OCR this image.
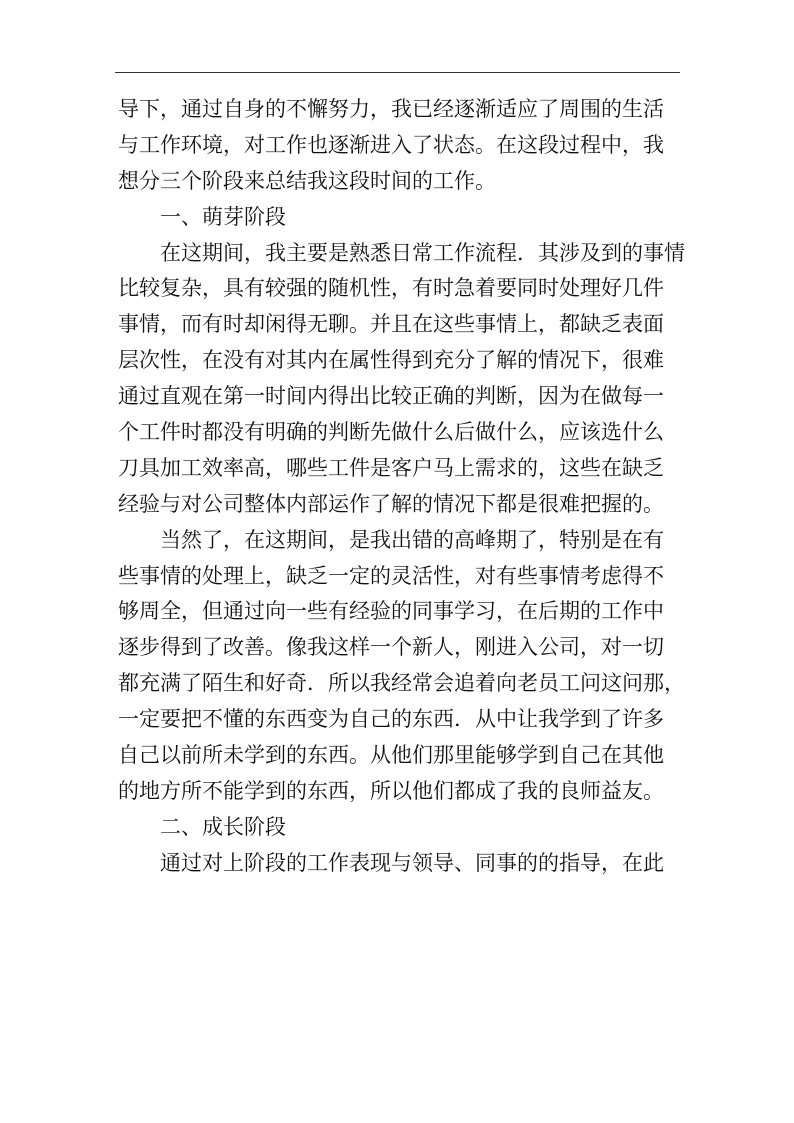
导下，通过自身的不懈努力，我已经逐渐适应了周围的生活
与工作环境，对工作也逐渐进入了状态。在这段过程中，我
想分三个阶段来总结我这段时间的工作。
一、萌芽阶段
在这期间，我主要是熟悉日常工作流程．其涉及到的事情
比较复杂，具有较强的随机性，有时急着要同时处理好几件
事情，而有时却闲得无聊。并且在这些事情上，都缺乏表面
层次性，在没有对其内在属性得到充分了解的情况下，很难
通过直观在第一时间内得出比较正确的判断，因为在做每一
个工件时都没有明确的判断先做什么后做什么，应该选什么
刀具加工效率高，哪些工件是客户马上需求的，这些在缺乏
经验与对公司整体内部运作了解的情况下都是很难把握的。
当然了，在这期间，是我出错的高峰期了，特别是在有
些事情的处理上，缺乏一定的灵活性，对有些事情考虑得不
够周全，但通过向一些有经验的同事学习，在后期的工作中
逐步得到了改善。像我这样一个新人，刚进入公司，对一切
都充满了陌生和好奇．所以我经常会追着向老员工问这问那，
一定要把不懂的东西变为自己的东西．从中让我学到了许多
自己以前所未学到的东西。从他们那里能够学到自己在其他
的地方所不能学到的东西，所以他们都成了我的良师益友。
二、成长阶段
通过对上阶段的工作表现与领导、同事的的指导，在此
